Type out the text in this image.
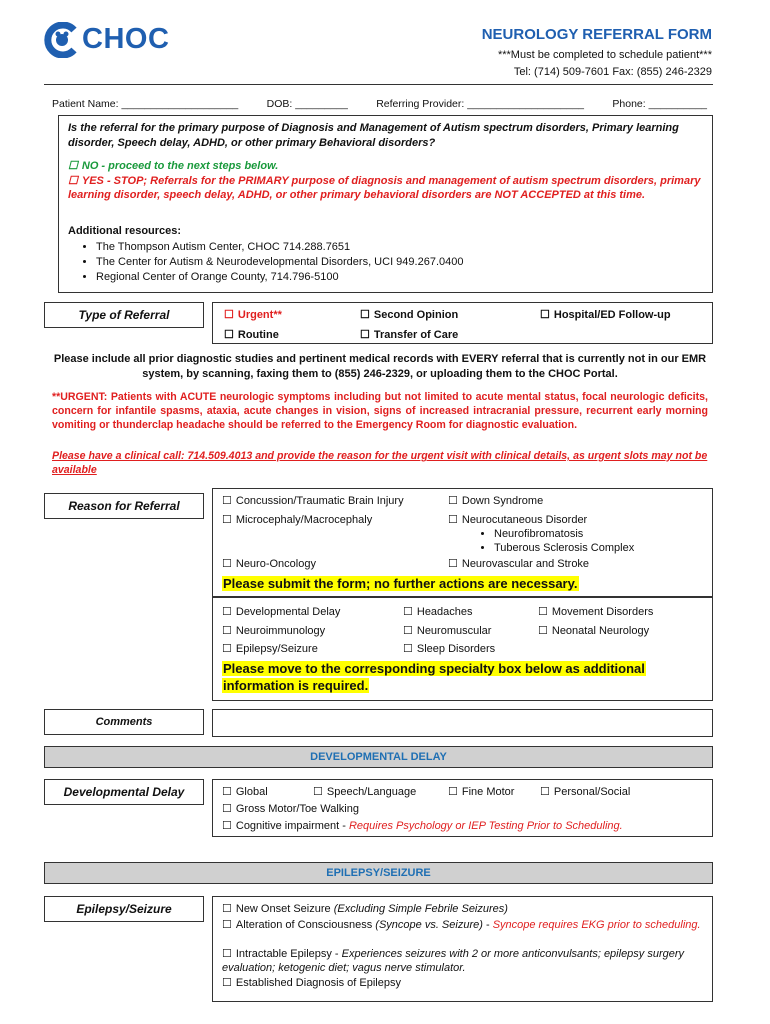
CHOC	NEUROLOGY REFERRAL FORM
***Must be completed to schedule patient***
Tel: (714) 509-7601 Fax: (855) 246-2329
Patient Name: ____________________	DOB: _________	Referring Provider: ____________________	Phone: __________
Is the referral for the primary purpose of Diagnosis and Management of Autism spectrum disorders, Primary learning disorder, Speech delay, ADHD, or other primary Behavioral disorders?
☐ NO - proceed to the next steps below.
☐ YES - STOP; Referrals for the PRIMARY purpose of diagnosis and management of autism spectrum disorders, primary learning disorder, speech delay, ADHD, or other primary behavioral disorders are NOT ACCEPTED at this time.
Additional resources:
• The Thompson Autism Center, CHOC 714.288.7651
• The Center for Autism & Neurodevelopmental Disorders, UCI 949.267.0400
• Regional Center of Orange County, 714.796-5100
Type of Referral	☐ Urgent**	☐ Second Opinion	☐ Hospital/ED Follow-up
☐ Routine	☐ Transfer of Care
Please include all prior diagnostic studies and pertinent medical records with EVERY referral that is currently not in our EMR system, by scanning, faxing them to (855) 246-2329, or uploading them to the CHOC Portal.
**URGENT: Patients with ACUTE neurologic symptoms including but not limited to acute mental status, focal neurologic deficits, concern for infantile spasms, ataxia, acute changes in vision, signs of increased intracranial pressure, recurrent early morning vomiting or thunderclap headache should be referred to the Emergency Room for diagnostic evaluation.
Please have a clinical call: 714.509.4013 and provide the reason for the urgent visit with clinical details, as urgent slots may not be available
Reason for Referral	☐ Concussion/Traumatic Brain Injury	☐ Down Syndrome
☐ Microcephaly/Macrocephaly	☐ Neurocutaneous Disorder
• Neurofibromatosis
• Tuberous Sclerosis Complex
☐ Neuro-Oncology	☐ Neurovascular and Stroke
Please submit the form; no further actions are necessary.
☐ Developmental Delay	☐ Headaches	☐ Movement Disorders
☐ Neuroimmunology	☐ Neuromuscular	☐ Neonatal Neurology
☐ Epilepsy/Seizure	☐ Sleep Disorders
Please move to the corresponding specialty box below as additional information is required.
Comments
DEVELOPMENTAL DELAY
Developmental Delay	☐ Global	☐ Speech/Language	☐ Fine Motor	☐ Personal/Social
☐ Gross Motor/Toe Walking
☐ Cognitive impairment - Requires Psychology or IEP Testing Prior to Scheduling.
EPILEPSY/SEIZURE
Epilepsy/Seizure	☐ New Onset Seizure (Excluding Simple Febrile Seizures)
☐ Alteration of Consciousness (Syncope vs. Seizure) - Syncope requires EKG prior to scheduling.
☐ Intractable Epilepsy - Experiences seizures with 2 or more anticonvulsants; epilepsy surgery evaluation; ketogenic diet; vagus nerve stimulator.
☐ Established Diagnosis of Epilepsy
